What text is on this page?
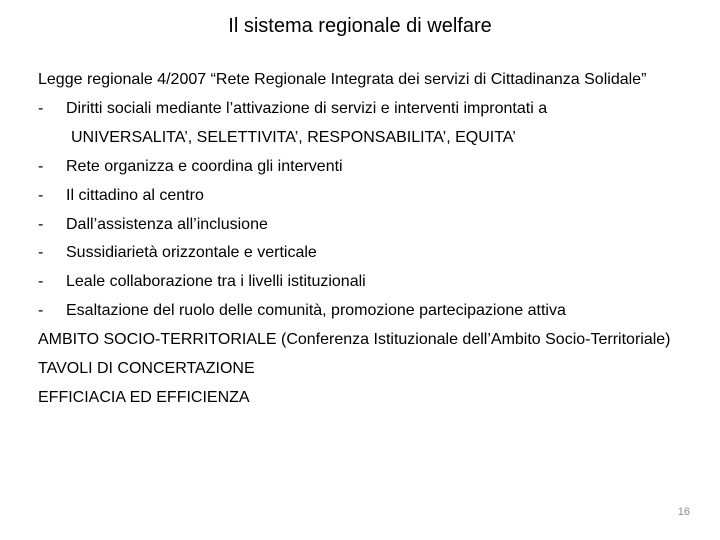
Il sistema regionale di welfare

Legge regionale 4/2007 “Rete Regionale Integrata dei servizi di Cittadinanza Solidale”

-	Diritti sociali mediante l’attivazione di servizi e interventi improntati a
UNIVERSALITA’, SELETTIVITA’, RESPONSABILITA’, EQUITA’
-	Rete organizza e coordina gli interventi
-	Il cittadino al centro
-	Dall’assistenza all’inclusione
-	Sussidiarietà orizzontale e verticale
-	Leale collaborazione tra i livelli istituzionali
-	Esaltazione del ruolo delle comunità, promozione partecipazione attiva

AMBITO SOCIO-TERRITORIALE (Conferenza Istituzionale dell’Ambito Socio-Territoriale)

TAVOLI DI CONCERTAZIONE

EFFICIACIA ED EFFICIENZA

16
